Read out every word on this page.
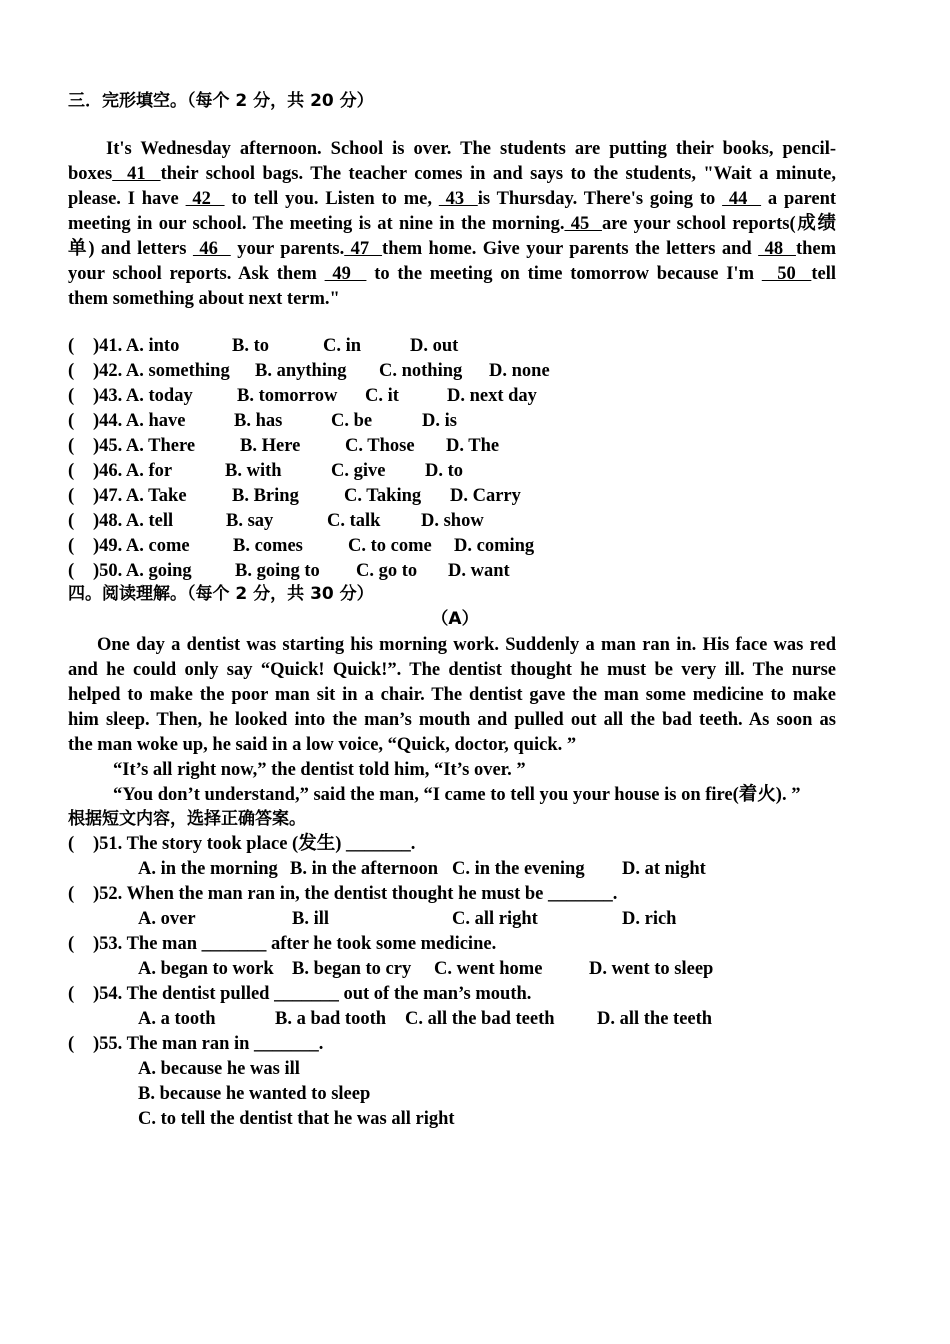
三．完形填空。（每个 2 分，共 20 分）
It's Wednesday afternoon. School is over. The students are putting their books, pencil-
boxes  41  their school bags. The teacher comes in and says to the students, "Wait a minute,
please. I have  42   to tell you. Listen to me,  43  is Thursday. There's going to  44   a parent
meeting in our school. The meeting is at nine in the morning. 45  are your school reports(成绩
单) and letters  46   your parents. 47  them home. Give your parents the letters and  48  them
your school reports. Ask them  49   to the meeting on time tomorrow because I'm   50  tell
them something about next term."
( )41. A. into	B. to	C. in	D. out
( )42. A. something B. anything C. nothing D. none
( )43. A. today B. tomorrow C. it	D. next day
( )44. A. have	B. has	C. be	D. is
( )45. A. There B. Here C. Those D. The
( )46. A. for	B. with	C. give D. to
( )47. A. Take B. Bring C. Taking D. Carry
( )48. A. tell	B. say	C. talk D. show
( )49. A. come B. comes C. to come D. coming
( )50. A. going B. going to C. go to D. want
四。阅读理解。（每个 2 分，共 30 分）
（A）
One day a dentist was starting his morning work. Suddenly a man ran in. His face was red
and he could only say “Quick! Quick!”. The dentist thought he must be very ill. The nurse
helped to make the poor man sit in a chair. The dentist gave the man some medicine to make
him sleep. Then, he looked into the man’s mouth and pulled out all the bad teeth. As soon as
the man woke up, he said in a low voice, “Quick, doctor, quick. ”
“It’s all right now,” the dentist told him, “It’s over. ”
“You don’t understand,” said the man, “I came to tell you your house is on fire(着火). ”
根据短文内容，选择正确答案。
( )51. The story took place (发生) _______.
A. in the morning B. in the afternoon C. in the evening D. at night
( )52. When the man ran in, the dentist thought he must be _______.
A. over	B. ill	C. all right	D. rich
( )53. The man _______ after he took some medicine.
A. began to work B. began to cry C. went home	D. went to sleep
( )54. The dentist pulled _______ out of the man’s mouth.
A. a tooth	B. a bad tooth C. all the bad teeth D. all the teeth
( )55. The man ran in _______.
A. because he was ill
B. because he wanted to sleep
C. to tell the dentist that he was all right
